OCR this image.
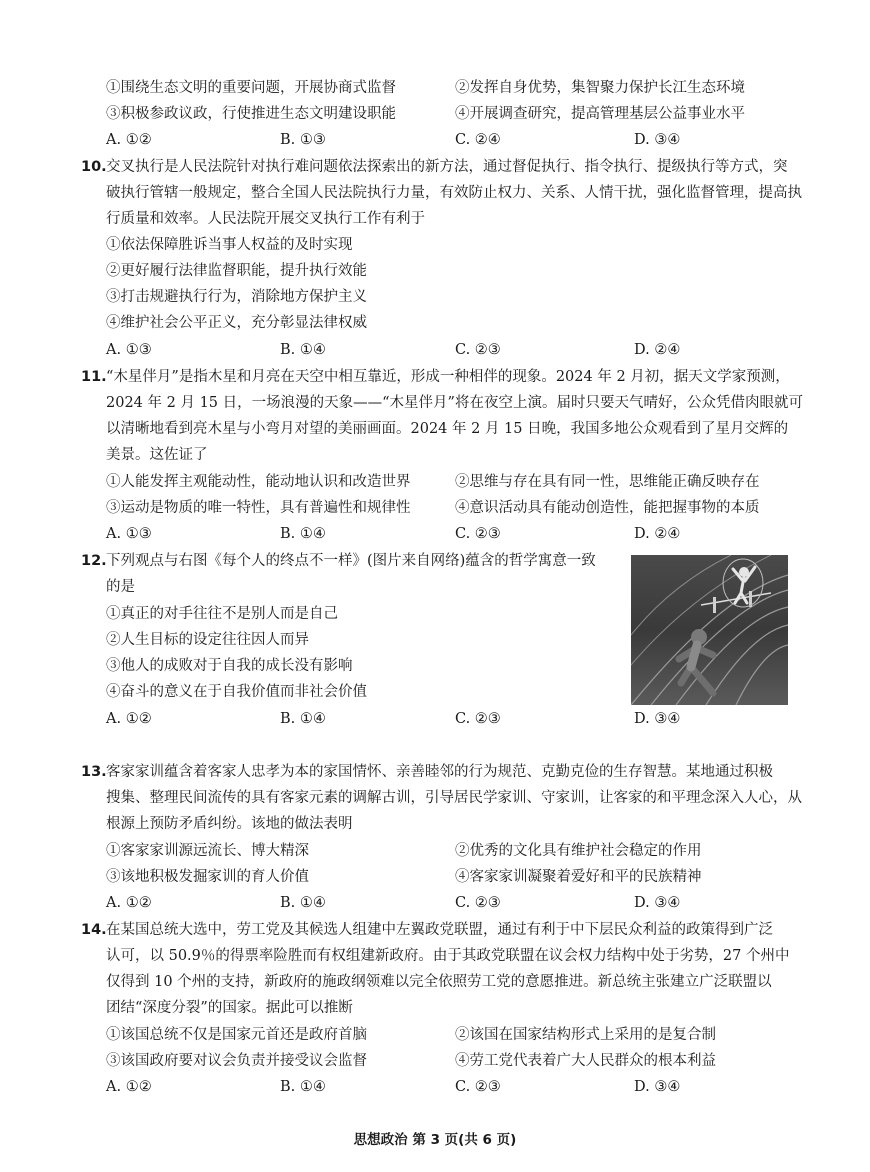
①围绕生态文明的重要问题，开展协商式监督	②发挥自身优势，集智聚力保护长江生态环境
③积极参政议政，行使推进生态文明建设职能	④开展调查研究，提高管理基层公益事业水平
A. ①②	B. ①③	C. ②④	D. ③④
10. 交叉执行是人民法院针对执行难问题依法探索出的新方法，通过督促执行、指令执行、提级执行等方式，突
破执行管辖一般规定，整合全国人民法院执行力量，有效防止权力、关系、人情干扰，强化监督管理，提高执
行质量和效率。人民法院开展交叉执行工作有利于
①依法保障胜诉当事人权益的及时实现
②更好履行法律监督职能，提升执行效能
③打击规避执行行为，消除地方保护主义
④维护社会公平正义，充分彰显法律权威
A. ①③	B. ①④	C. ②③	D. ②④
11. “木星伴月”是指木星和月亮在天空中相互靠近，形成一种相伴的现象。2024 年 2 月初，据天文学家预测，
2024 年 2 月 15 日，一场浪漫的天象——“木星伴月”将在夜空上演。届时只要天气晴好，公众凭借肉眼就可
以清晰地看到亮木星与小弯月对望的美丽画面。2024 年 2 月 15 日晚，我国多地公众观看到了星月交辉的
美景。这佐证了
①人能发挥主观能动性，能动地认识和改造世界	②思维与存在具有同一性，思维能正确反映存在
③运动是物质的唯一特性，具有普遍性和规律性	④意识活动具有能动创造性，能把握事物的本质
A. ①③	B. ①④	C. ②③	D. ②④
12. 下列观点与右图《每个人的终点不一样》(图片来自网络)蕴含的哲学寓意一致
的是
①真正的对手往往不是别人而是自己
②人生目标的设定往往因人而异
③他人的成败对于自我的成长没有影响
④奋斗的意义在于自我价值而非社会价值
A. ①②	B. ①④	C. ②③	D. ③④
13. 客家家训蕴含着客家人忠孝为本的家国情怀、亲善睦邻的行为规范、克勤克俭的生存智慧。某地通过积极
搜集、整理民间流传的具有客家元素的调解古训，引导居民学家训、守家训，让客家的和平理念深入人心，从
根源上预防矛盾纠纷。该地的做法表明
①客家家训源远流长、博大精深	②优秀的文化具有维护社会稳定的作用
③该地积极发掘家训的育人价值	④客家家训凝聚着爱好和平的民族精神
A. ①②	B. ①④	C. ②③	D. ③④
14. 在某国总统大选中，劳工党及其候选人组建中左翼政党联盟，通过有利于中下层民众利益的政策得到广泛
认可，以 50.9％的得票率险胜而有权组建新政府。由于其政党联盟在议会权力结构中处于劣势，27 个州中
仅得到 10 个州的支持，新政府的施政纲领难以完全依照劳工党的意愿推进。新总统主张建立广泛联盟以
团结“深度分裂”的国家。据此可以推断
①该国总统不仅是国家元首还是政府首脑	②该国在国家结构形式上采用的是复合制
③该国政府要对议会负责并接受议会监督	④劳工党代表着广大人民群众的根本利益
A. ①②	B. ①④	C. ②③	D. ③④
思想政治 第 3 页(共 6 页)
